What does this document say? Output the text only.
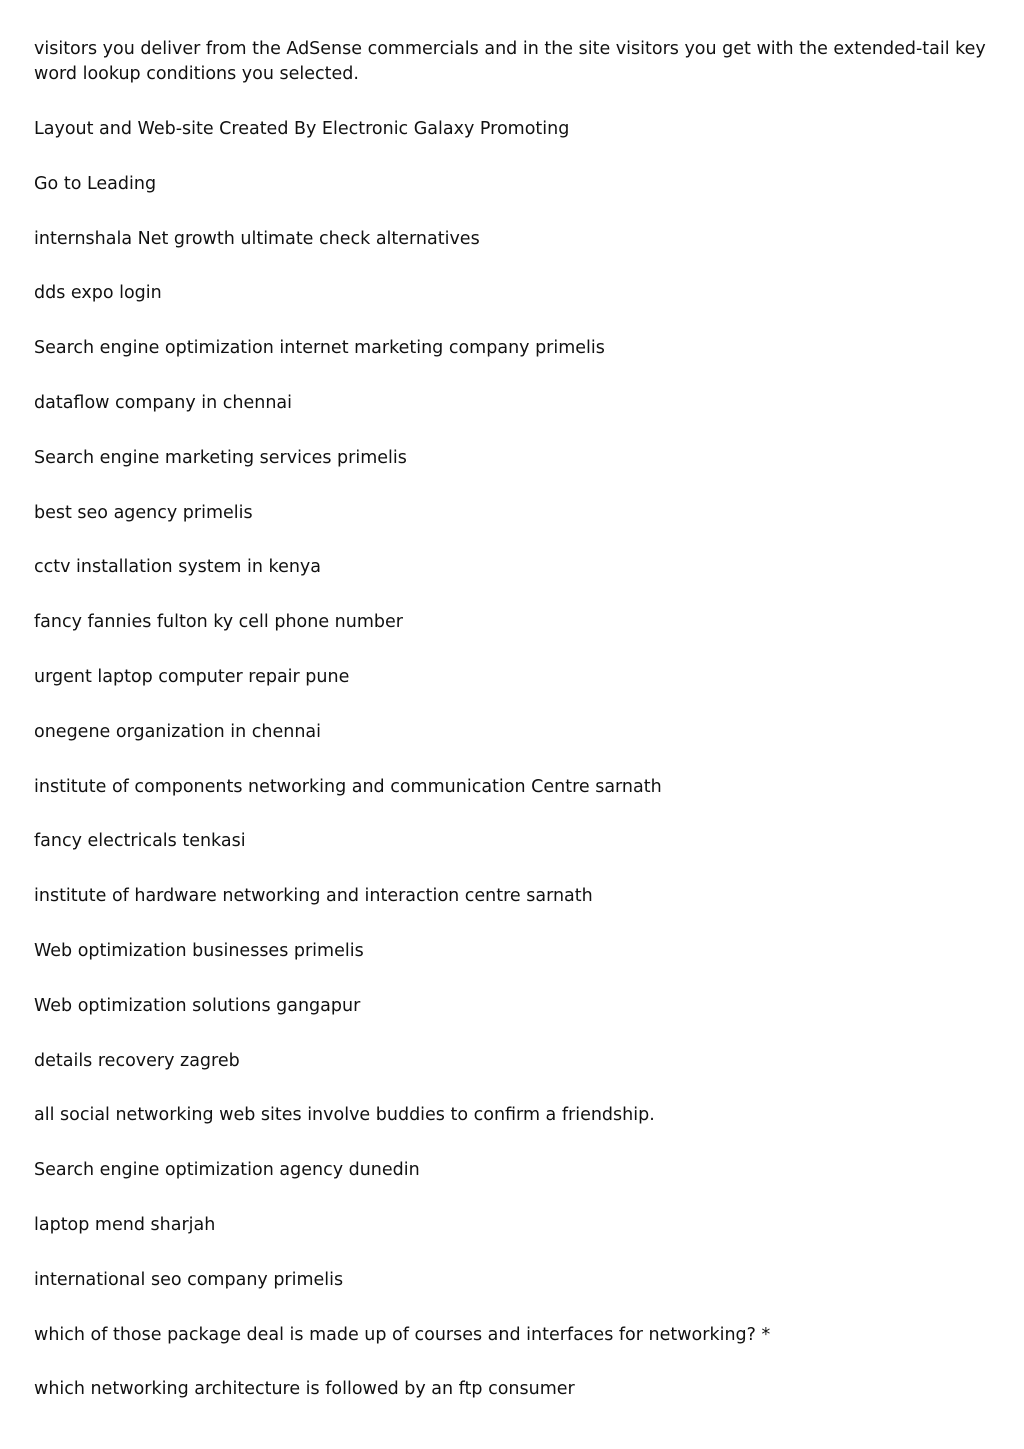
visitors you deliver from the AdSense commercials and in the site visitors you get with the extended-tail key word lookup conditions you selected.

Layout and Web-site Created By Electronic Galaxy Promoting

Go to Leading

internshala Net growth ultimate check alternatives

dds expo login

Search engine optimization internet marketing company primelis

dataflow company in chennai

Search engine marketing services primelis

best seo agency primelis

cctv installation system in kenya

fancy fannies fulton ky cell phone number

urgent laptop computer repair pune

onegene organization in chennai

institute of components networking and communication Centre sarnath

fancy electricals tenkasi

institute of hardware networking and interaction centre sarnath

Web optimization businesses primelis

Web optimization solutions gangapur

details recovery zagreb

all social networking web sites involve buddies to confirm a friendship.

Search engine optimization agency dunedin

laptop mend sharjah

international seo company primelis

which of those package deal is made up of courses and interfaces for networking? *

which networking architecture is followed by an ftp consumer
